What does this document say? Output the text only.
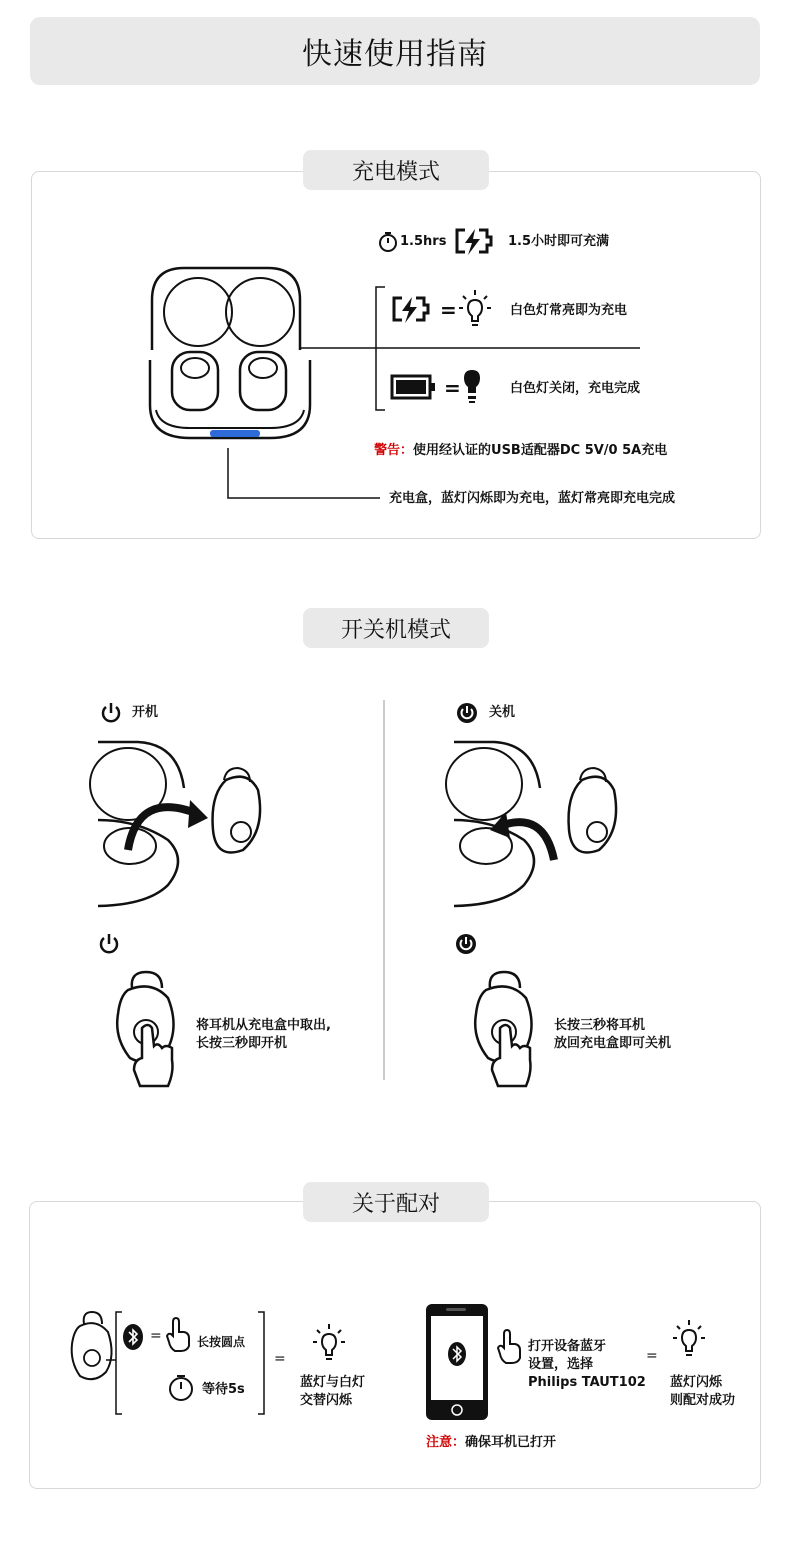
快速使用指南
充电模式
1.5hrs	1.5小时即可充满
=	白色灯常亮即为充电
=	白色灯关闭，充电完成
警告：使用经认证的USB适配器DC 5V/0 5A充电
充电盒，蓝灯闪烁即为充电，蓝灯常亮即充电完成
开关机模式
开机
将耳机从充电盒中取出,
长按三秒即开机
关机
长按三秒将耳机
放回充电盒即可关机
关于配对
=	长按圆点
等待5s
=
蓝灯与白灯
交替闪烁
打开设备蓝牙
设置，选择
Philips TAUT102
=
蓝灯闪烁
则配对成功
注意：确保耳机已打开
